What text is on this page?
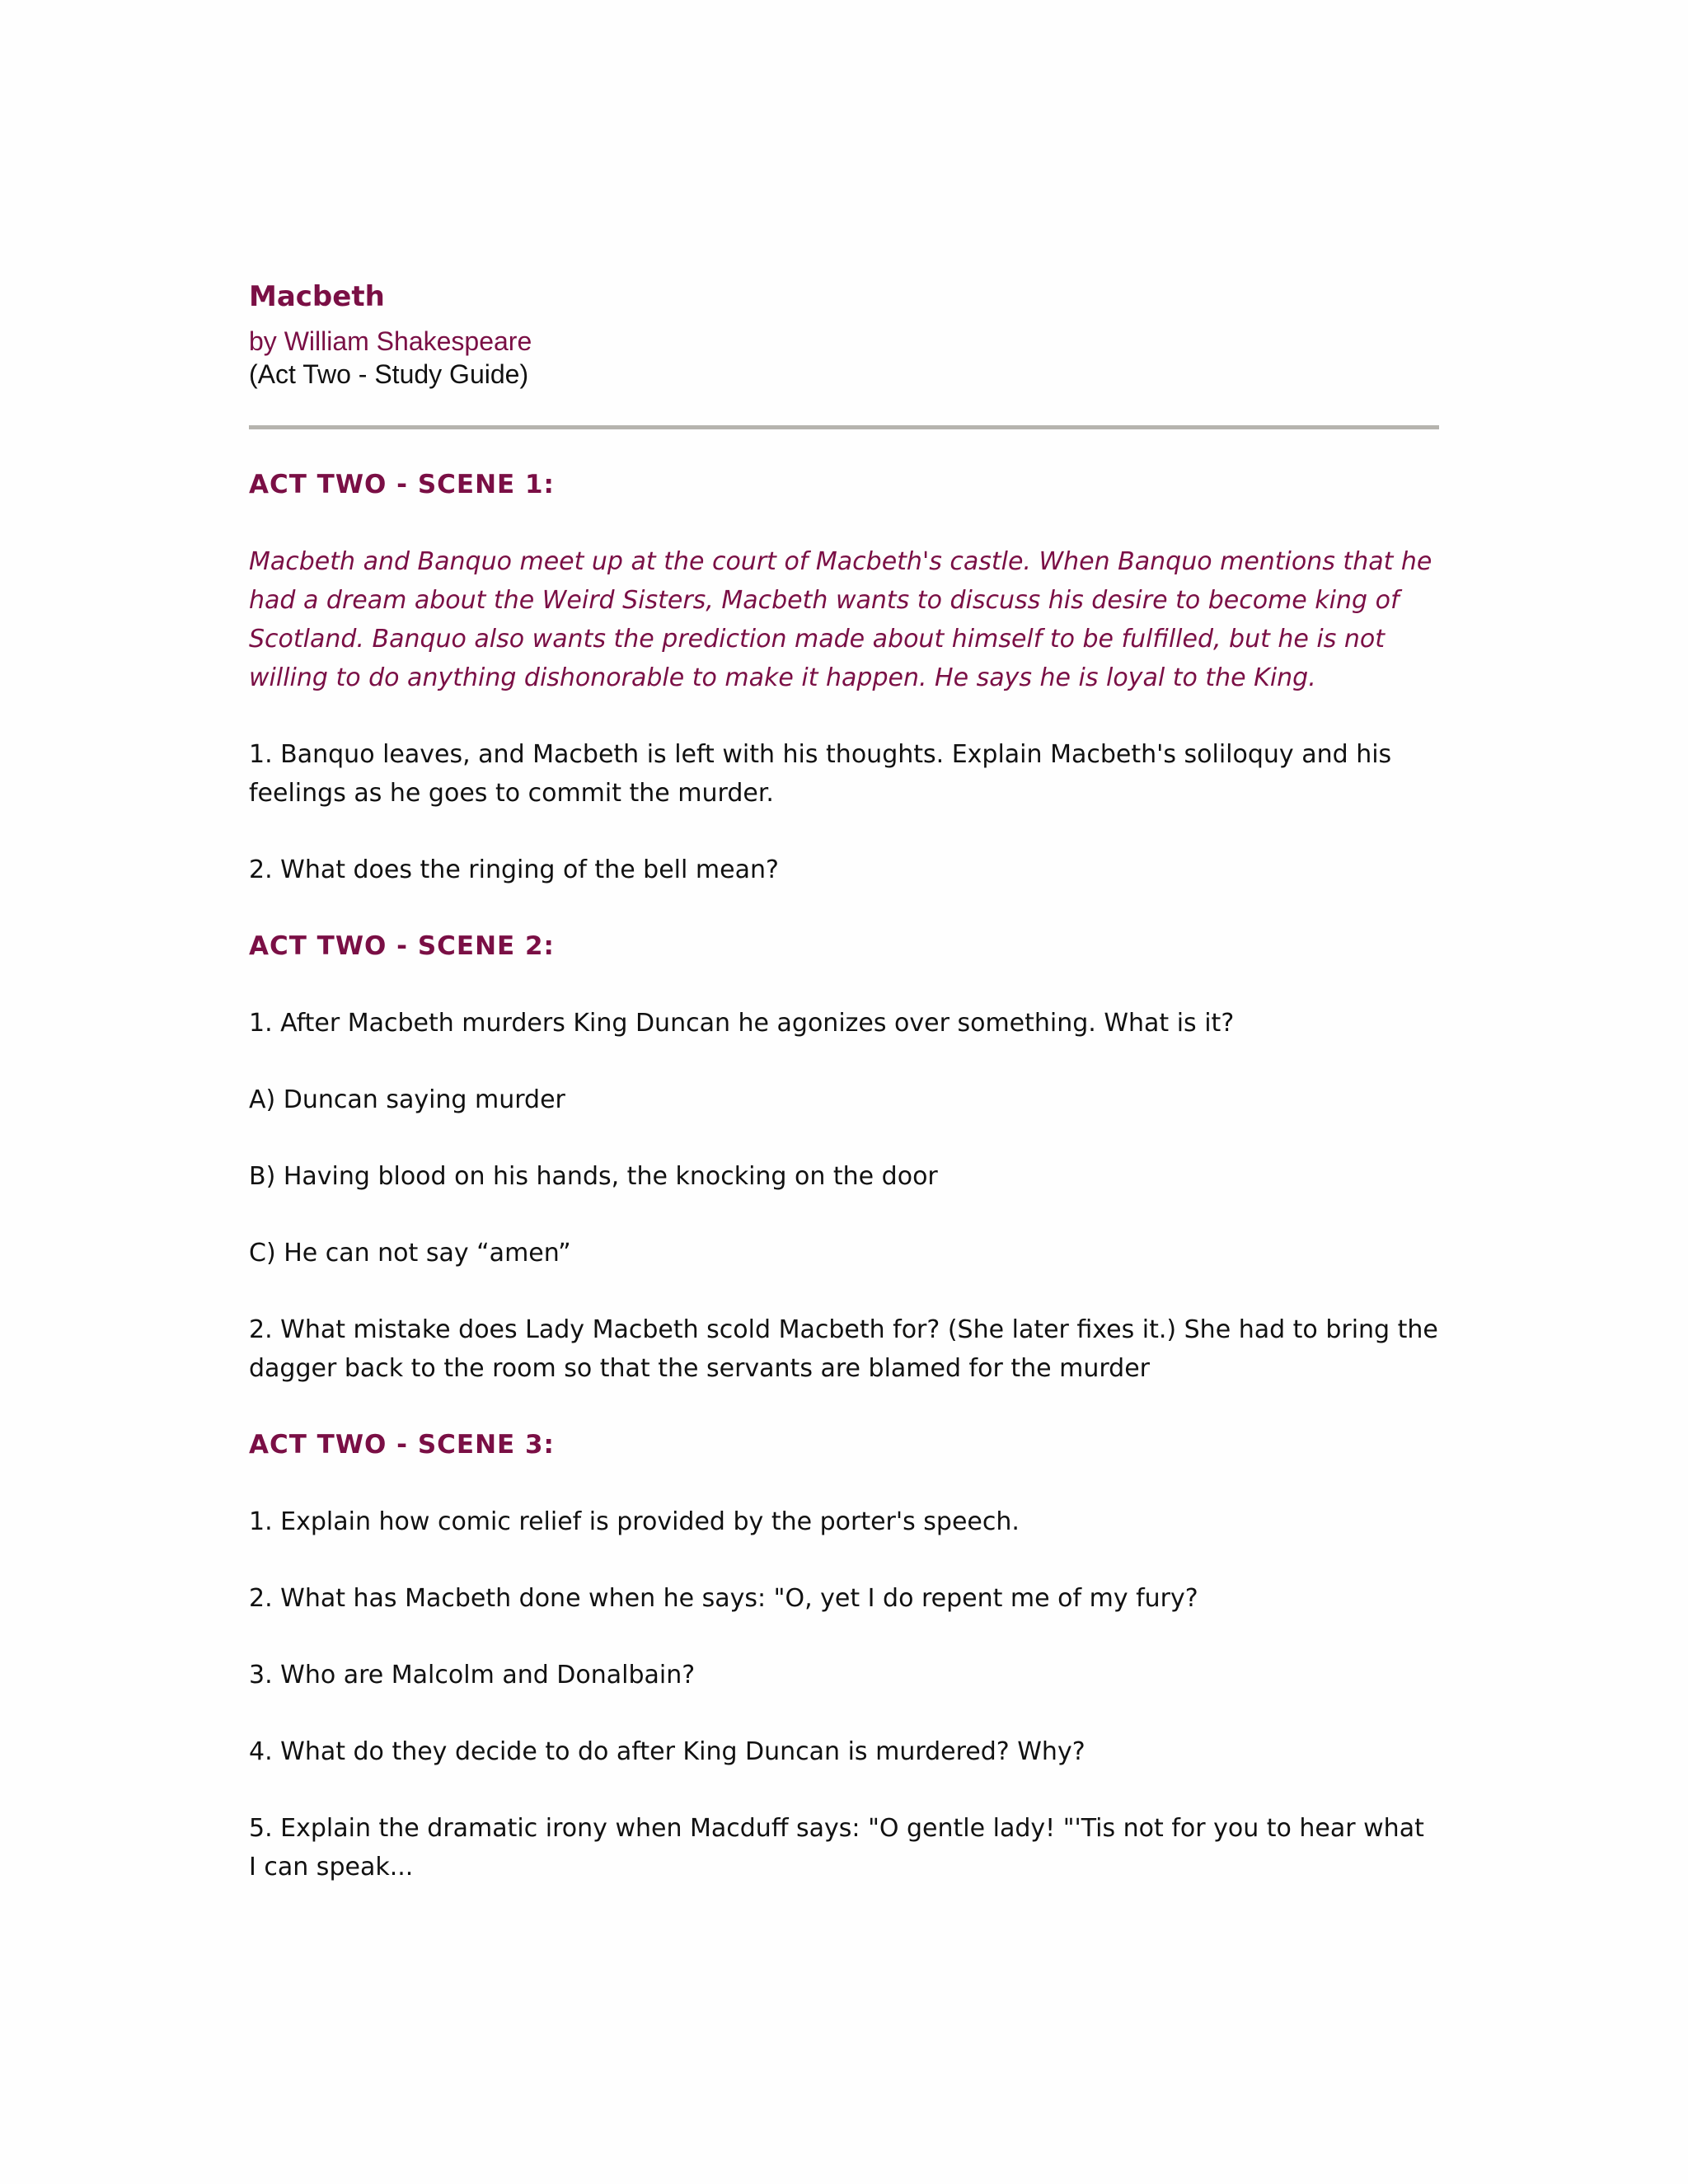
Macbeth
by William Shakespeare
(Act Two - Study Guide)
ACT TWO - SCENE 1:
Macbeth and Banquo meet up at the court of Macbeth's castle. When Banquo mentions that he had a dream about the Weird Sisters, Macbeth wants to discuss his desire to become king of Scotland. Banquo also wants the prediction made about himself to be fulfilled, but he is not willing to do anything dishonorable to make it happen. He says he is loyal to the King.
1. Banquo leaves, and Macbeth is left with his thoughts. Explain Macbeth's soliloquy and his feelings as he goes to commit the murder.
2. What does the ringing of the bell mean?
ACT TWO - SCENE 2:
1. After Macbeth murders King Duncan he agonizes over something. What is it?
A) Duncan saying murder
B) Having blood on his hands, the knocking on the door
C) He can not say “amen”
2. What mistake does Lady Macbeth scold Macbeth for? (She later fixes it.) She had to bring the dagger back to the room so that the servants are blamed for the murder
ACT TWO - SCENE 3:
1. Explain how comic relief is provided by the porter's speech.
2. What has Macbeth done when he says: "O, yet I do repent me of my fury?
3. Who are Malcolm and Donalbain?
4. What do they decide to do after King Duncan is murdered? Why?
5. Explain the dramatic irony when Macduff says: "O gentle lady! "'Tis not for you to hear what I can speak...
